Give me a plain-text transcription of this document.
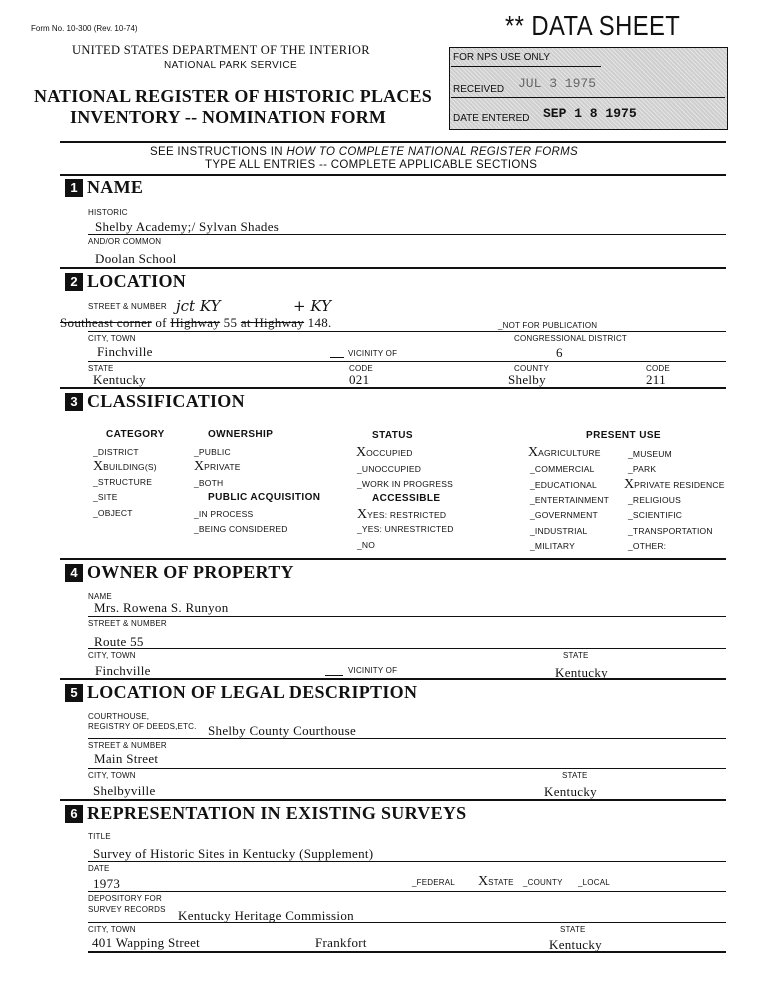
Form No. 10-300 (Rev. 10-74)
UNITED STATES DEPARTMENT OF THE INTERIOR
NATIONAL PARK SERVICE
NATIONAL REGISTER OF HISTORIC PLACES
INVENTORY -- NOMINATION FORM
** DATA SHEET
FOR NPS USE ONLY
RECEIVED JUL 3 1975
DATE ENTERED SEP 1 8 1975
SEE INSTRUCTIONS IN HOW TO COMPLETE NATIONAL REGISTER FORMS
TYPE ALL ENTRIES -- COMPLETE APPLICABLE SECTIONS
1 NAME
HISTORIC
Shelby Academy;/ Sylvan Shades
AND/OR COMMON
Doolan School
2 LOCATION
STREET & NUMBER jct KY	+ KY
Southeast corner of Highway 55 at Highway 148.	_NOT FOR PUBLICATION
CITY, TOWN	CONGRESSIONAL DISTRICT
Finchville	VICINITY OF	6
STATE	CODE	COUNTY	CODE
Kentucky	021	Shelby	211
3 CLASSIFICATION
CATEGORY	OWNERSHIP	STATUS	PRESENT USE
_DISTRICT
XBUILDING(S)
_STRUCTURE
_SITE
_OBJECT
_PUBLIC
XPRIVATE
_BOTH
PUBLIC ACQUISITION
_IN PROCESS
_BEING CONSIDERED
XOCCUPIED
_UNOCCUPIED
_WORK IN PROGRESS
ACCESSIBLE
XYES: RESTRICTED
_YES: UNRESTRICTED
_NO
XAGRICULTURE
_COMMERCIAL
_EDUCATIONAL
_ENTERTAINMENT
_GOVERNMENT
_INDUSTRIAL
_MILITARY
_MUSEUM
_PARK
XPRIVATE RESIDENCE
_RELIGIOUS
_SCIENTIFIC
_TRANSPORTATION
_OTHER:
4 OWNER OF PROPERTY
NAME
Mrs. Rowena S. Runyon
STREET & NUMBER
Route 55
CITY, TOWN	STATE
Finchville	VICINITY OF	Kentucky
5 LOCATION OF LEGAL DESCRIPTION
COURTHOUSE,
REGISTRY OF DEEDS,ETC. Shelby County Courthouse
STREET & NUMBER
Main Street
CITY, TOWN	STATE
Shelbyville	Kentucky
6 REPRESENTATION IN EXISTING SURVEYS
TITLE
Survey of Historic Sites in Kentucky (Supplement)
DATE
1973	_FEDERAL XSTATE _COUNTY _LOCAL
DEPOSITORY FOR
SURVEY RECORDS Kentucky Heritage Commission
CITY, TOWN	STATE
401 Wapping Street	Frankfort	Kentucky
